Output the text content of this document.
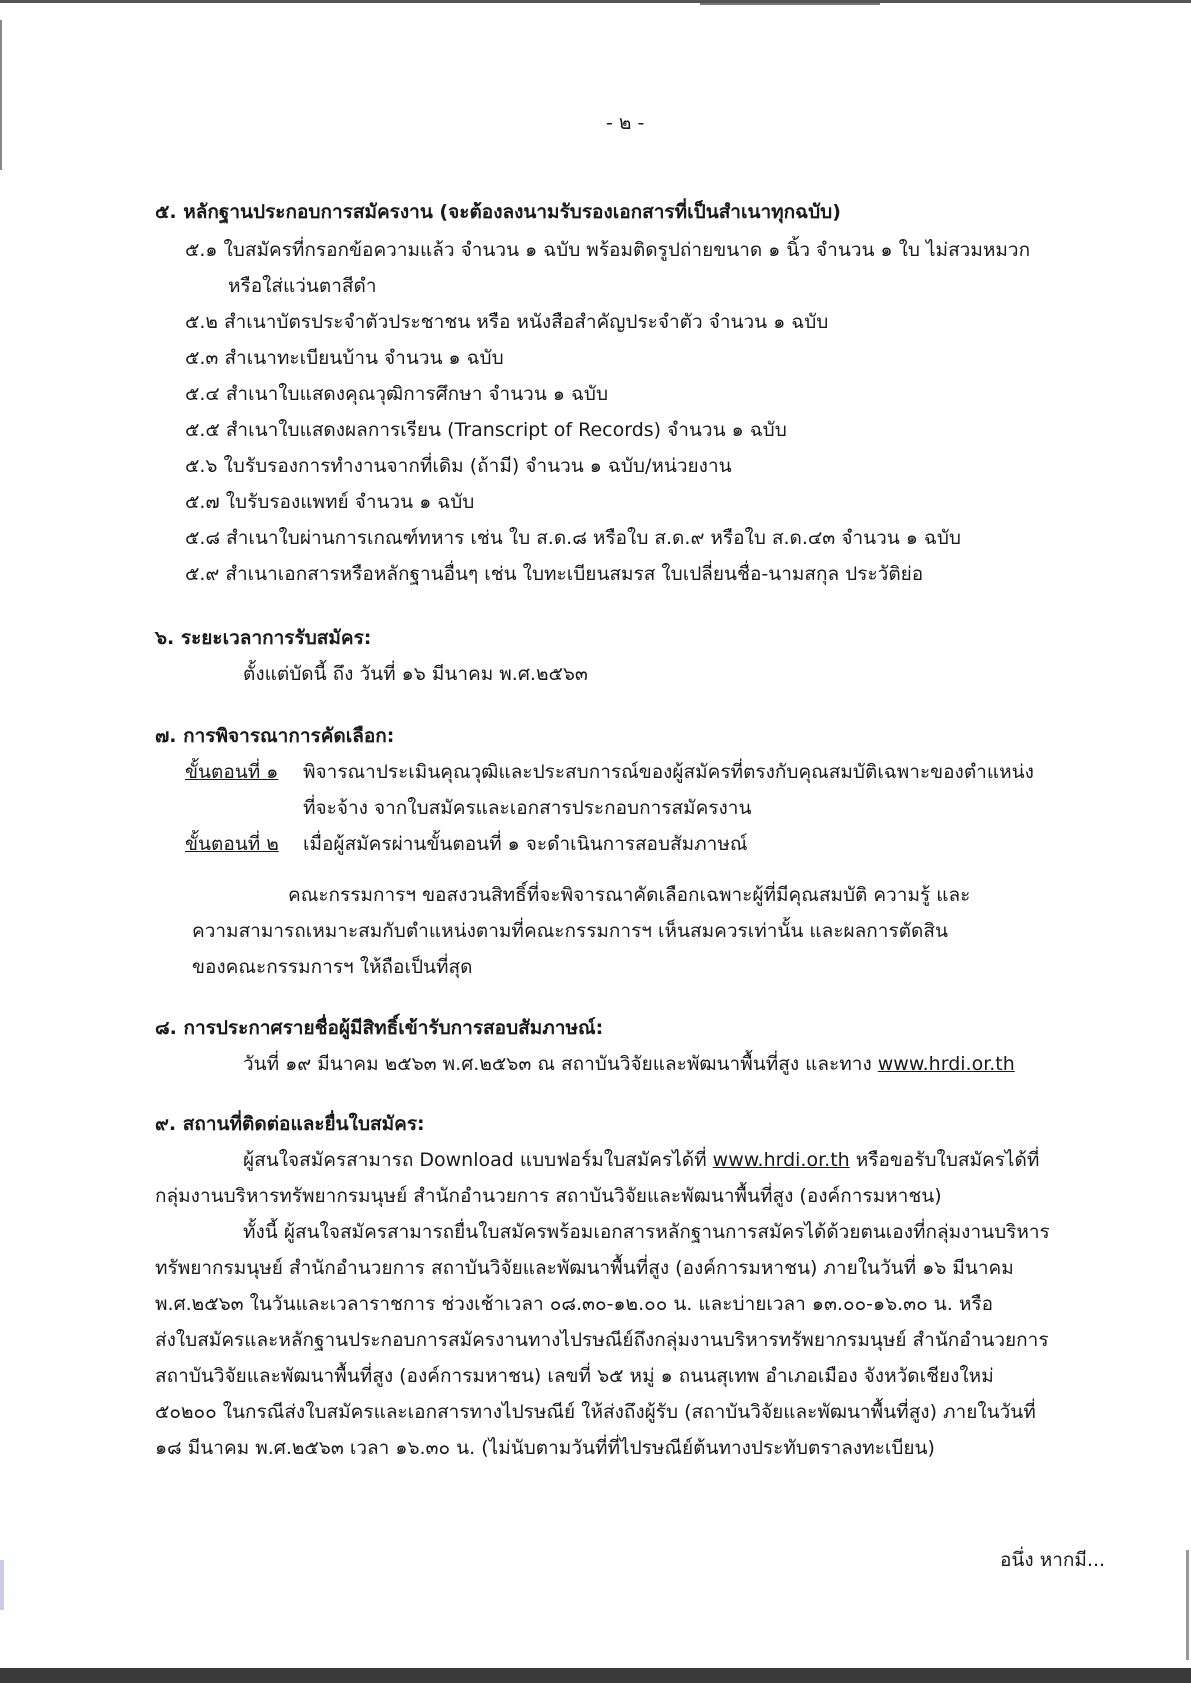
- ๒ -
๕. หลักฐานประกอบการสมัครงาน (จะต้องลงนามรับรองเอกสารที่เป็นสำเนาทุกฉบับ)
๕.๑ ใบสมัครที่กรอกข้อความแล้ว จำนวน ๑ ฉบับ พร้อมติดรูปถ่ายขนาด ๑ นิ้ว จำนวน ๑ ใบ ไม่สวมหมวก
หรือใส่แว่นตาสีดำ
๕.๒ สำเนาบัตรประจำตัวประชาชน หรือ หนังสือสำคัญประจำตัว จำนวน ๑ ฉบับ
๕.๓ สำเนาทะเบียนบ้าน จำนวน ๑ ฉบับ
๕.๔ สำเนาใบแสดงคุณวุฒิการศึกษา จำนวน ๑ ฉบับ
๕.๕ สำเนาใบแสดงผลการเรียน (Transcript of Records) จำนวน ๑ ฉบับ
๕.๖ ใบรับรองการทำงานจากที่เดิม (ถ้ามี) จำนวน ๑ ฉบับ/หน่วยงาน
๕.๗ ใบรับรองแพทย์ จำนวน ๑ ฉบับ
๕.๘ สำเนาใบผ่านการเกณฑ์ทหาร เช่น ใบ ส.ด.๘ หรือใบ ส.ด.๙ หรือใบ ส.ด.๔๓ จำนวน ๑ ฉบับ
๕.๙ สำเนาเอกสารหรือหลักฐานอื่นๆ เช่น ใบทะเบียนสมรส ใบเปลี่ยนชื่อ-นามสกุล ประวัติย่อ
๖. ระยะเวลาการรับสมัคร:
ตั้งแต่บัดนี้ ถึง วันที่ ๑๖ มีนาคม พ.ศ.๒๕๖๓
๗. การพิจารณาการคัดเลือก:
ขั้นตอนที่ ๑ พิจารณาประเมินคุณวุฒิและประสบการณ์ของผู้สมัครที่ตรงกับคุณสมบัติเฉพาะของตำแหน่ง
ที่จะจ้าง จากใบสมัครและเอกสารประกอบการสมัครงาน
ขั้นตอนที่ ๒ เมื่อผู้สมัครผ่านขั้นตอนที่ ๑ จะดำเนินการสอบสัมภาษณ์
คณะกรรมการฯ ขอสงวนสิทธิ์ที่จะพิจารณาคัดเลือกเฉพาะผู้ที่มีคุณสมบัติ ความรู้ และ
ความสามารถเหมาะสมกับตำแหน่งตามที่คณะกรรมการฯ เห็นสมควรเท่านั้น และผลการตัดสิน
ของคณะกรรมการฯ ให้ถือเป็นที่สุด
๘. การประกาศรายชื่อผู้มีสิทธิ์เข้ารับการสอบสัมภาษณ์:
วันที่ ๑๙ มีนาคม ๒๕๖๓ พ.ศ.๒๕๖๓ ณ สถาบันวิจัยและพัฒนาพื้นที่สูง และทาง www.hrdi.or.th
๙. สถานที่ติดต่อและยื่นใบสมัคร:
ผู้สนใจสมัครสามารถ Download แบบฟอร์มใบสมัครได้ที่ www.hrdi.or.th หรือขอรับใบสมัครได้ที่
กลุ่มงานบริหารทรัพยากรมนุษย์ สำนักอำนวยการ สถาบันวิจัยและพัฒนาพื้นที่สูง (องค์การมหาชน)
ทั้งนี้ ผู้สนใจสมัครสามารถยื่นใบสมัครพร้อมเอกสารหลักฐานการสมัครได้ด้วยตนเองที่กลุ่มงานบริหาร
ทรัพยากรมนุษย์ สำนักอำนวยการ สถาบันวิจัยและพัฒนาพื้นที่สูง (องค์การมหาชน) ภายในวันที่ ๑๖ มีนาคม
พ.ศ.๒๕๖๓ ในวันและเวลาราชการ ช่วงเช้าเวลา ๐๘.๓๐-๑๒.๐๐ น. และบ่ายเวลา ๑๓.๐๐-๑๖.๓๐ น. หรือ
ส่งใบสมัครและหลักฐานประกอบการสมัครงานทางไปรษณีย์ถึงกลุ่มงานบริหารทรัพยากรมนุษย์ สำนักอำนวยการ
สถาบันวิจัยและพัฒนาพื้นที่สูง (องค์การมหาชน) เลขที่ ๖๕ หมู่ ๑ ถนนสุเทพ อำเภอเมือง จังหวัดเชียงใหม่
๕๐๒๐๐ ในกรณีส่งใบสมัครและเอกสารทางไปรษณีย์ ให้ส่งถึงผู้รับ (สถาบันวิจัยและพัฒนาพื้นที่สูง) ภายในวันที่
๑๘ มีนาคม พ.ศ.๒๕๖๓ เวลา ๑๖.๓๐ น. (ไม่นับตามวันที่ที่ไปรษณีย์ต้นทางประทับตราลงทะเบียน)
อนึ่ง หากมี...
